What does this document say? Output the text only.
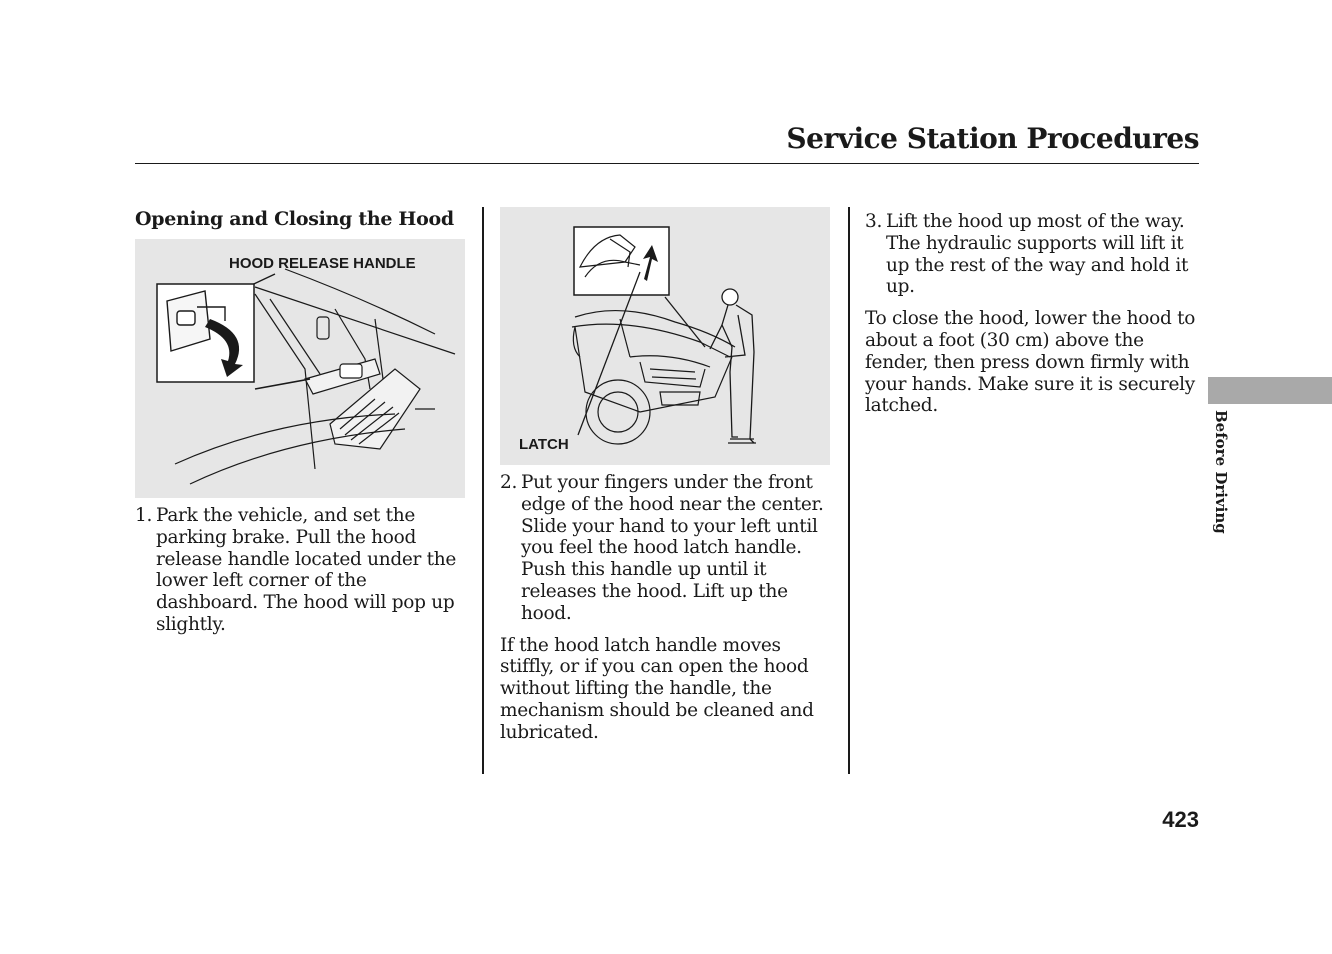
Service Station Procedures
Opening and Closing the Hood
HOOD RELEASE HANDLE
LATCH
1. Park the vehicle, and set the parking brake. Pull the hood release handle located under the lower left corner of the dashboard. The hood will pop up slightly.
2. Put your fingers under the front edge of the hood near the center. Slide your hand to your left until you feel the hood latch handle. Push this handle up until it releases the hood. Lift up the hood.
If the hood latch handle moves stiffly, or if you can open the hood without lifting the handle, the mechanism should be cleaned and lubricated.
3. Lift the hood up most of the way. The hydraulic supports will lift it up the rest of the way and hold it up.
To close the hood, lower the hood to about a foot (30 cm) above the fender, then press down firmly with your hands. Make sure it is securely latched.
Before Driving
423
